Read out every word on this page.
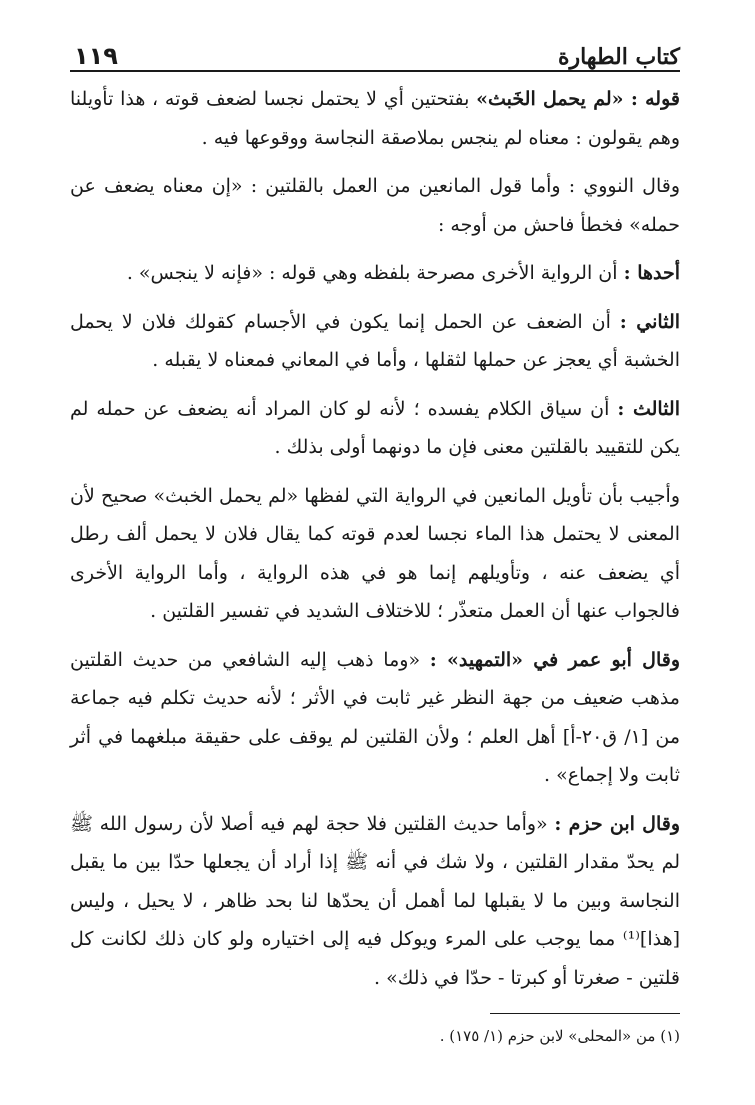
كتاب الطهارة
١١٩

قوله : «لم يحمل الخَبث» بفتحتين أي لا يحتمل نجسا لضعف قوته ، هذا تأويلنا وهم يقولون : معناه لم ينجس بملاصقة النجاسة ووقوعها فيه .

وقال النووي : وأما قول المانعين من العمل بالقلتين : «إن معناه يضعف عن حمله» فخطأ فاحش من أوجه :

أحدها : أن الرواية الأخرى مصرحة بلفظه وهي قوله : «فإنه لا ينجس» .

الثاني : أن الضعف عن الحمل إنما يكون في الأجسام كقولك فلان لا يحمل الخشبة أي يعجز عن حملها لثقلها ، وأما في المعاني فمعناه لا يقبله .

الثالث : أن سياق الكلام يفسده ؛ لأنه لو كان المراد أنه يضعف عن حمله لم يكن للتقييد بالقلتين معنى فإن ما دونهما أولى بذلك .

وأجيب بأن تأويل المانعين في الرواية التي لفظها «لم يحمل الخبث» صحيح لأن المعنى لا يحتمل هذا الماء نجسا لعدم قوته كما يقال فلان لا يحمل ألف رطل أي يضعف عنه ، وتأويلهم إنما هو في هذه الرواية ، وأما الرواية الأخرى فالجواب عنها أن العمل متعذّر ؛ للاختلاف الشديد في تفسير القلتين .

وقال أبو عمر في «التمهيد» : «وما ذهب إليه الشافعي من حديث القلتين مذهب ضعيف من جهة النظر غير ثابت في الأثر ؛ لأنه حديث تكلم فيه جماعة من [١/ ق٢٠-أ] أهل العلم ؛ ولأن القلتين لم يوقف على حقيقة مبلغهما في أثر ثابت ولا إجماع» .

وقال ابن حزم : «وأما حديث القلتين فلا حجة لهم فيه أصلا لأن رسول الله ﷺ لم يحدّ مقدار القلتين ، ولا شك في أنه ﷺ إذا أراد أن يجعلها حدّا بين ما يقبل النجاسة وبين ما لا يقبلها لما أهمل أن يحدّها لنا بحد ظاهر ، لا يحيل ، وليس [هذا]⁽¹⁾ مما يوجب على المرء ويوكل فيه إلى اختياره ولو كان ذلك لكانت كل قلتين - صغرتا أو كبرتا - حدّا في ذلك» .

(١) من «المحلى» لابن حزم (١/ ١٧٥) .
